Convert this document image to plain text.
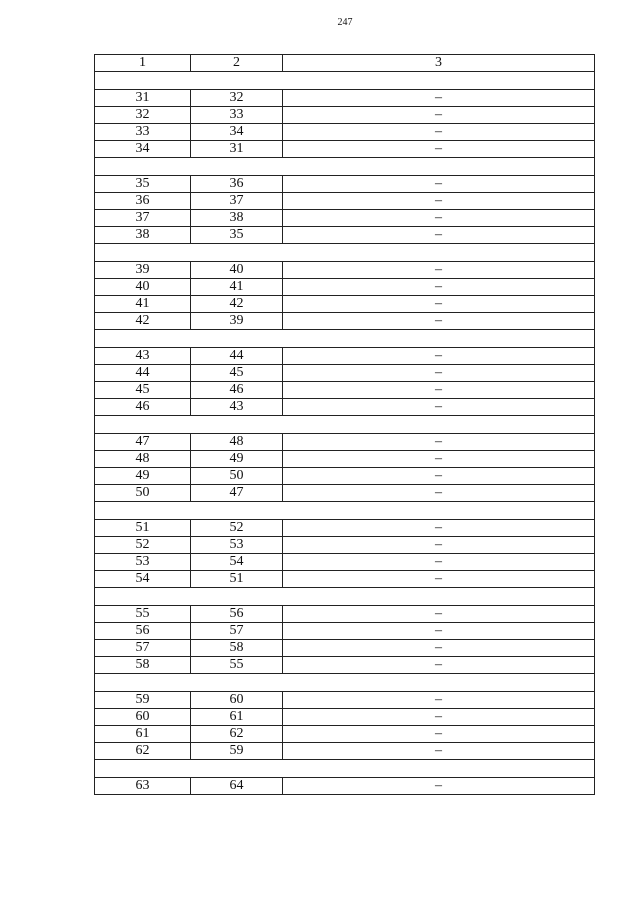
247
1	2	3

31	32	–
32	33	–
33	34	–
34	31	–

35	36	–
36	37	–
37	38	–
38	35	–

39	40	–
40	41	–
41	42	–
42	39	–

43	44	–
44	45	–
45	46	–
46	43	–

47	48	–
48	49	–
49	50	–
50	47	–

51	52	–
52	53	–
53	54	–
54	51	–

55	56	–
56	57	–
57	58	–
58	55	–

59	60	–
60	61	–
61	62	–
62	59	–

63	64	–
